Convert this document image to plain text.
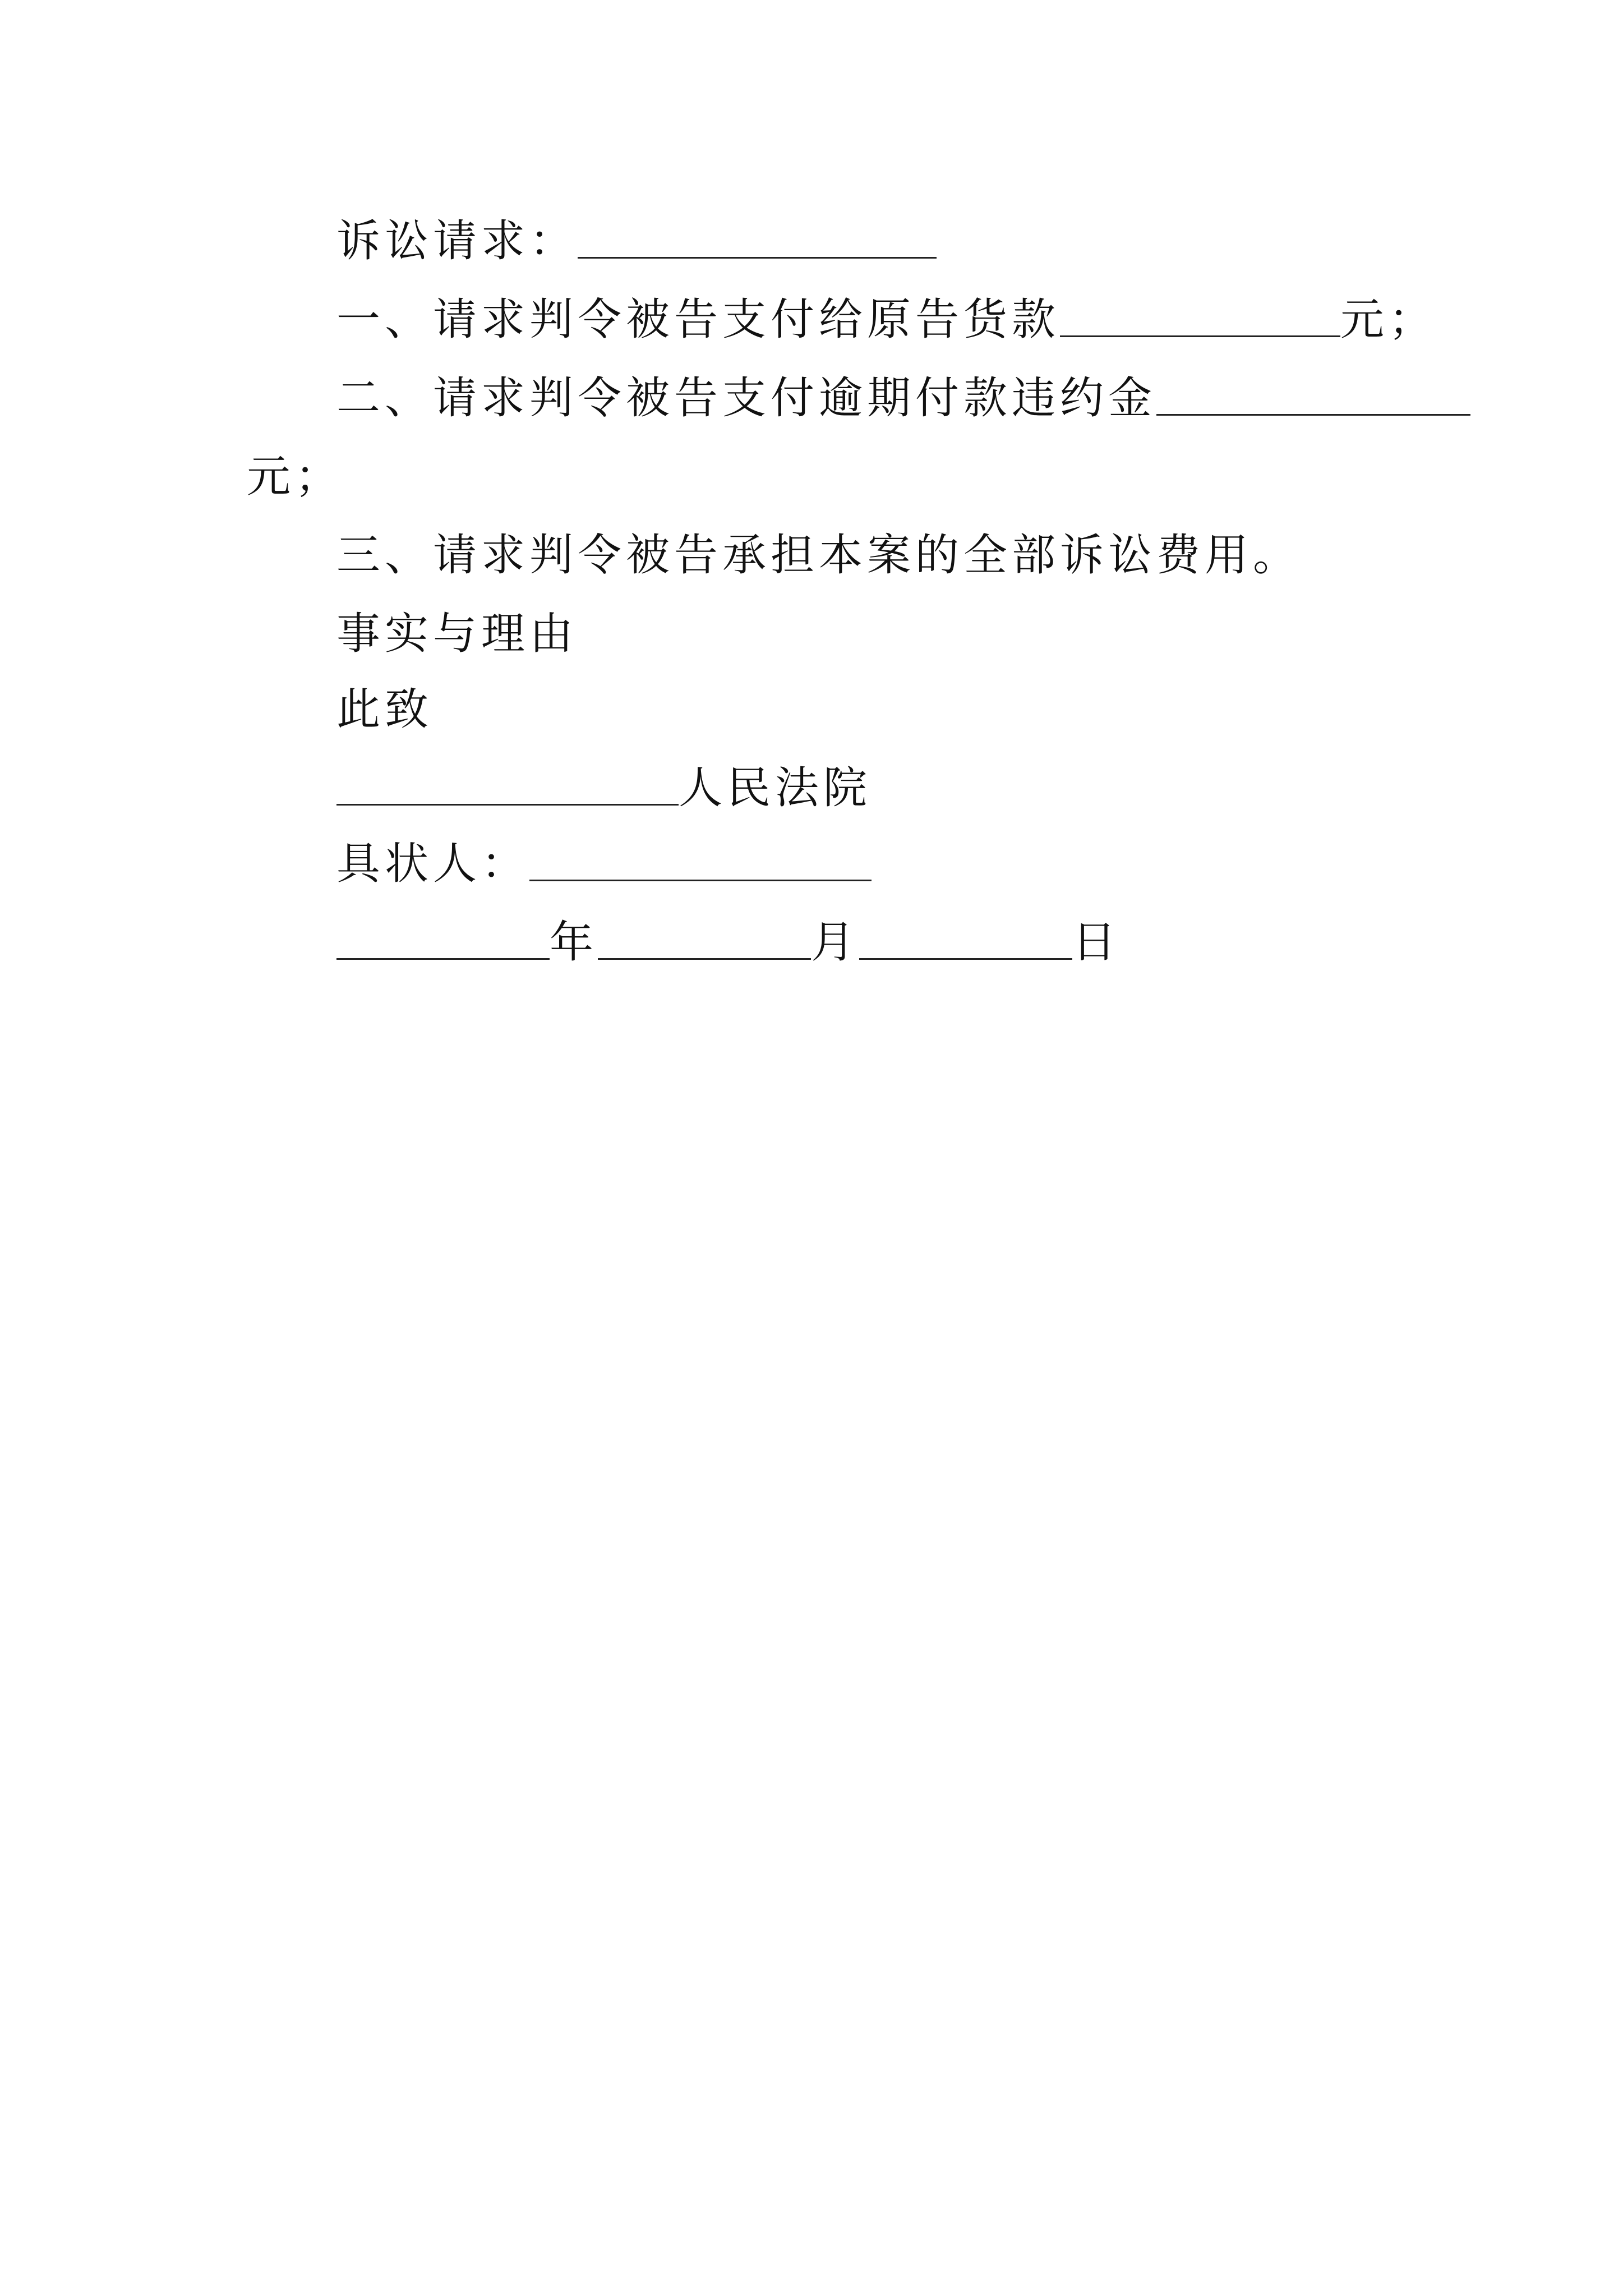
诉讼请求：
一、请求判令被告支付给原告货款	元；
二、请求判令被告支付逾期付款违约金
元；
三、请求判令被告承担本案的全部诉讼费用。
事实与理由
此致
人民法院
具状人：
年	月	日
